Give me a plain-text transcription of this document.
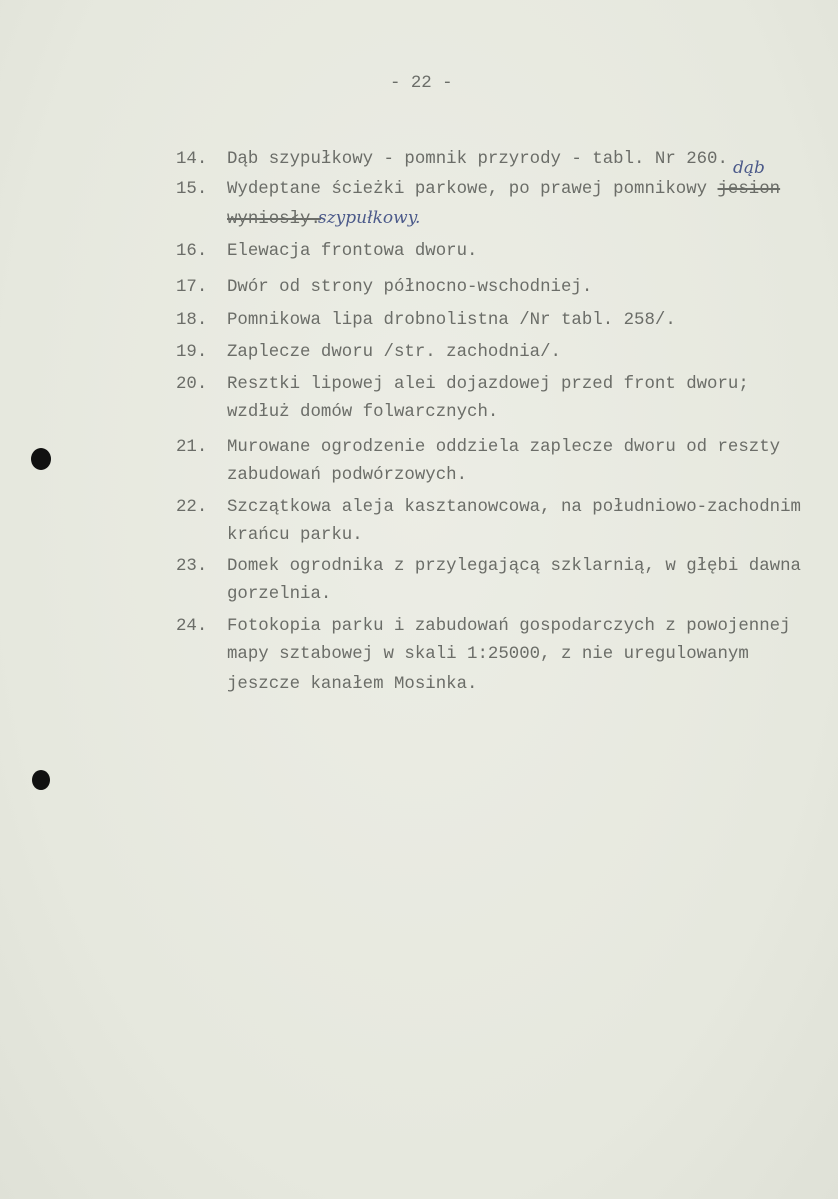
- 22 -
14. Dąb szypułkowy - pomnik przyrody - tabl. Nr 260.
15. Wydeptane ścieżki parkowe, po prawej pomnikowy jesion
wyniosły.
dąb
szypułkowy.
16. Elewacja frontowa dworu.
17. Dwór od strony północno-wschodniej.
18. Pomnikowa lipa drobnolistna /Nr tabl. 258/.
19. Zaplecze dworu /str. zachodnia/.
20. Resztki lipowej alei dojazdowej przed front dworu;
wzdłuż domów folwarcznych.
21. Murowane ogrodzenie oddziela zaplecze dworu od reszty
zabudowań podwórzowych.
22. Szczątkowa aleja kasztanowcowa, na południowo-zachodnim
krańcu parku.
23. Domek ogrodnika z przylegającą szklarnią, w głębi dawna
gorzelnia.
24. Fotokopia parku i zabudowań gospodarczych z powojennej
mapy sztabowej w skali 1:25000, z nie uregulowanym
jeszcze kanałem Mosinka.
